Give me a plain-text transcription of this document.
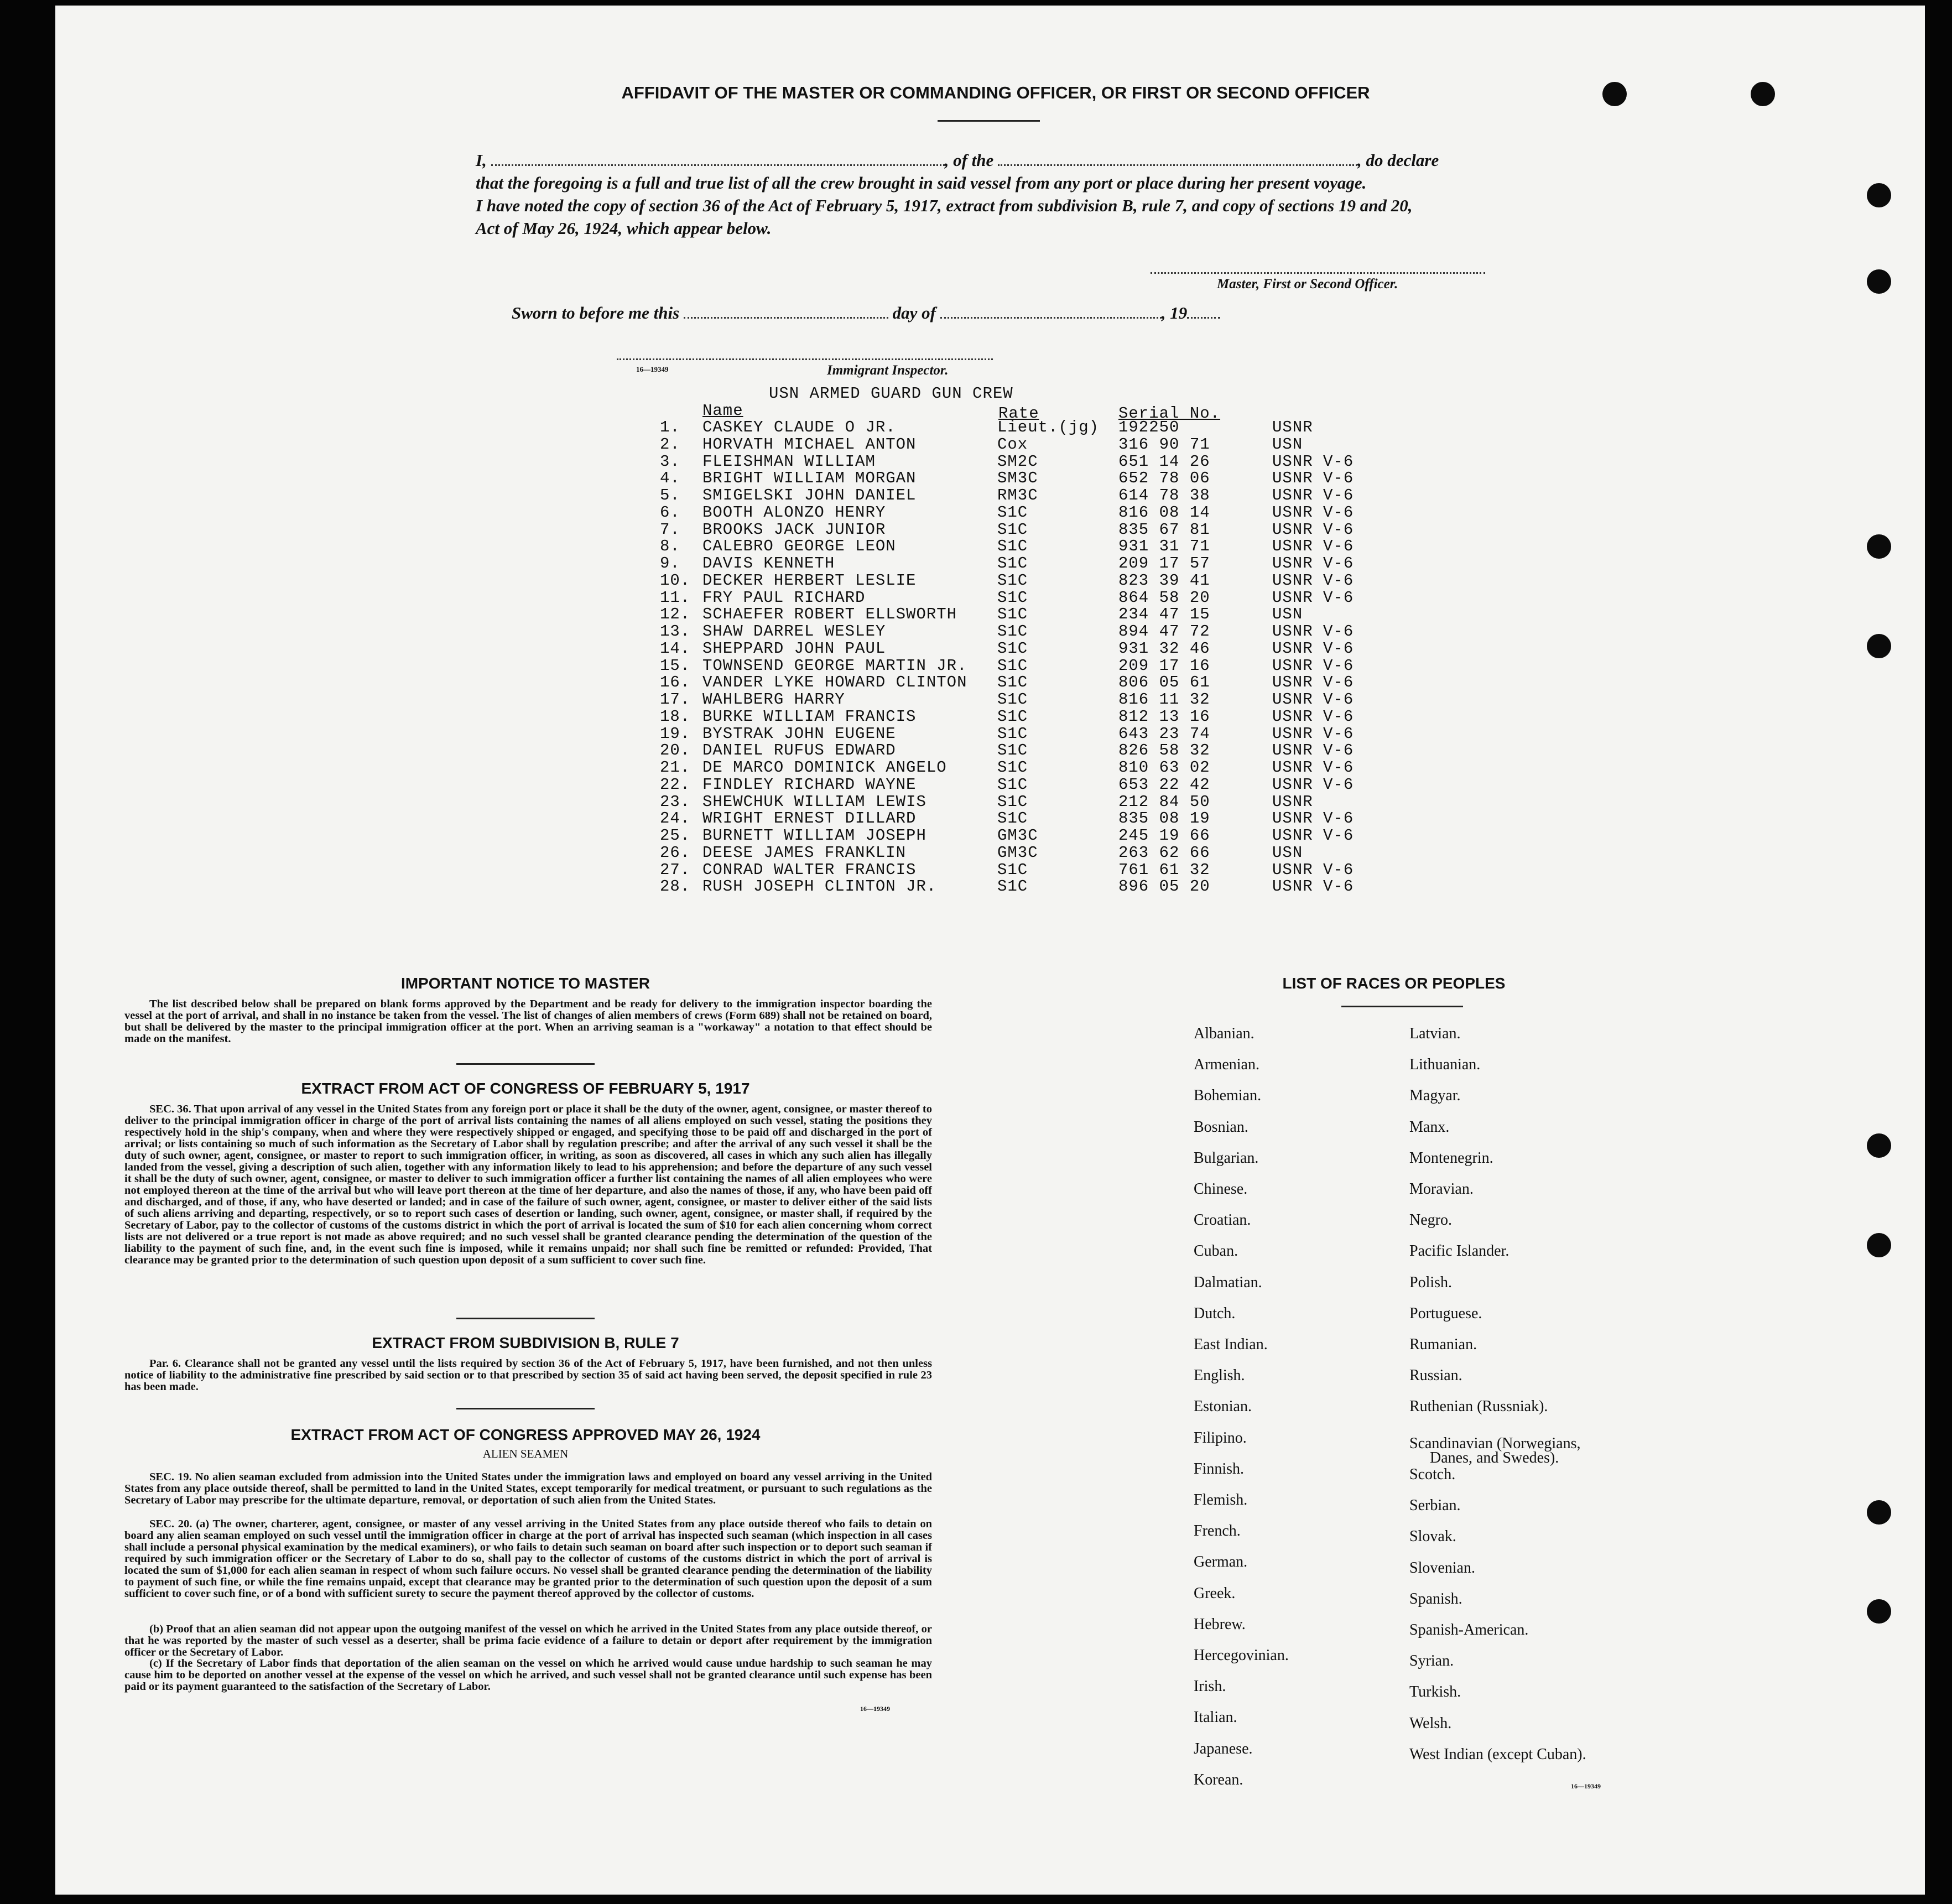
AFFIDAVIT OF THE MASTER OR COMMANDING OFFICER, OR FIRST OR SECOND OFFICER
I,	, of the	, do declare
that the foregoing is a full and true list of all the crew brought in said vessel from any port or place during her present voyage.
I have noted the copy of section 36 of the Act of February 5, 1917, extract from subdivision B, rule 7, and copy of sections 19 and 20,
Act of May 26, 1924, which appear below.
Master, First or Second Officer.
Sworn to before me this	day of	, 19
16—19349	Immigrant Inspector.
USN ARMED GUARD GUN CREW
Name	Rate	Serial No.
1. CASKEY CLAUDE O JR.	Lieut.(jg) 192250	USNR
2. HORVATH MICHAEL ANTON	Cox	316 90 71	USN
3. FLEISHMAN WILLIAM	SM2C	651 14 26	USNR V-6
4. BRIGHT WILLIAM MORGAN	SM3C	652 78 06	USNR V-6
5. SMIGELSKI JOHN DANIEL	RM3C	614 78 38	USNR V-6
6. BOOTH ALONZO HENRY	S1C	816 08 14	USNR V-6
7. BROOKS JACK JUNIOR	S1C	835 67 81	USNR V-6
8. CALEBRO GEORGE LEON	S1C	931 31 71	USNR V-6
9. DAVIS KENNETH	S1C	209 17 57	USNR V-6
10. DECKER HERBERT LESLIE	S1C	823 39 41	USNR V-6
11. FRY PAUL RICHARD	S1C	864 58 20	USNR V-6
12. SCHAEFER ROBERT ELLSWORTH	S1C	234 47 15	USN
13. SHAW DARREL WESLEY	S1C	894 47 72	USNR V-6
14. SHEPPARD JOHN PAUL	S1C	931 32 46	USNR V-6
15. TOWNSEND GEORGE MARTIN JR. S1C	209 17 16	USNR V-6
16. VANDER LYKE HOWARD CLINTON S1C	806 05 61	USNR V-6
17. WAHLBERG HARRY	S1C	816 11 32	USNR V-6
18. BURKE WILLIAM FRANCIS	S1C	812 13 16	USNR V-6
19. BYSTRAK JOHN EUGENE	S1C	643 23 74	USNR V-6
20. DANIEL RUFUS EDWARD	S1C	826 58 32	USNR V-6
21. DE MARCO DOMINICK ANGELO	S1C	810 63 02	USNR V-6
22. FINDLEY RICHARD WAYNE	S1C	653 22 42	USNR V-6
23. SHEWCHUK WILLIAM LEWIS	S1C	212 84 50	USNR
24. WRIGHT ERNEST DILLARD	S1C	835 08 19	USNR V-6
25. BURNETT WILLIAM JOSEPH	GM3C	245 19 66	USNR V-6
26. DEESE JAMES FRANKLIN	GM3C	263 62 66	USN
27. CONRAD WALTER FRANCIS	S1C	761 61 32	USNR V-6
28. RUSH JOSEPH CLINTON JR.	S1C	896 05 20	USNR V-6
IMPORTANT NOTICE TO MASTER
The list described below shall be prepared on blank forms approved by the Department and be ready for delivery to the immigration inspector boarding the vessel at the port of arrival, and shall in no instance be taken from the vessel. The list of changes of alien members of crews (Form 689) shall not be retained on board, but shall be delivered by the master to the principal immigration officer at the port. When an arriving seaman is a "workaway" a notation to that effect should be made on the manifest.
EXTRACT FROM ACT OF CONGRESS OF FEBRUARY 5, 1917
SEC. 36. That upon arrival of any vessel in the United States from any foreign port or place it shall be the duty of the owner, agent, consignee, or master thereof to deliver to the principal immigration officer in charge of the port of arrival lists containing the names of all aliens employed on such vessel, stating the positions they respectively hold in the ship's company, when and where they were respectively shipped or engaged, and specifying those to be paid off and discharged in the port of arrival; or lists containing so much of such information as the Secretary of Labor shall by regulation prescribe; and after the arrival of any such vessel it shall be the duty of such owner, agent, consignee, or master to report to such immigration officer, in writing, as soon as discovered, all cases in which any such alien has illegally landed from the vessel, giving a description of such alien, together with any information likely to lead to his apprehension; and before the departure of any such vessel it shall be the duty of such owner, agent, consignee, or master to deliver to such immigration officer a further list containing the names of all alien employees who were not employed thereon at the time of the arrival but who will leave port thereon at the time of her departure, and also the names of those, if any, who have been paid off and discharged, and of those, if any, who have deserted or landed; and in case of the failure of such owner, agent, consignee, or master to deliver either of the said lists of such aliens arriving and departing, respectively, or so to report such cases of desertion or landing, such owner, agent, consignee, or master shall, if required by the Secretary of Labor, pay to the collector of customs of the customs district in which the port of arrival is located the sum of $10 for each alien concerning whom correct lists are not delivered or a true report is not made as above required; and no such vessel shall be granted clearance pending the determination of the question of the liability to the payment of such fine, and, in the event such fine is imposed, while it remains unpaid; nor shall such fine be remitted or refunded: Provided, That clearance may be granted prior to the determination of such question upon deposit of a sum sufficient to cover such fine.
EXTRACT FROM SUBDIVISION B, RULE 7
Par. 6. Clearance shall not be granted any vessel until the lists required by section 36 of the Act of February 5, 1917, have been furnished, and not then unless notice of liability to the administrative fine prescribed by said section or to that prescribed by section 35 of said act having been served, the deposit specified in rule 23 has been made.
EXTRACT FROM ACT OF CONGRESS APPROVED MAY 26, 1924
ALIEN SEAMEN
SEC. 19. No alien seaman excluded from admission into the United States under the immigration laws and employed on board any vessel arriving in the United States from any place outside thereof, shall be permitted to land in the United States, except temporarily for medical treatment, or pursuant to such regulations as the Secretary of Labor may prescribe for the ultimate departure, removal, or deportation of such alien from the United States.
SEC. 20. (a) The owner, charterer, agent, consignee, or master of any vessel arriving in the United States from any place outside thereof who fails to detain on board any alien seaman employed on such vessel until the immigration officer in charge at the port of arrival has inspected such seaman (which inspection in all cases shall include a personal physical examination by the medical examiners), or who fails to detain such seaman on board after such inspection or to deport such seaman if required by such immigration officer or the Secretary of Labor to do so, shall pay to the collector of customs of the customs district in which the port of arrival is located the sum of $1,000 for each alien seaman in respect of whom such failure occurs. No vessel shall be granted clearance pending the determination of the liability to payment of such fine, or while the fine remains unpaid, except that clearance may be granted prior to the determination of such question upon the deposit of a sum sufficient to cover such fine, or of a bond with sufficient surety to secure the payment thereof approved by the collector of customs.
(b) Proof that an alien seaman did not appear upon the outgoing manifest of the vessel on which he arrived in the United States from any place outside thereof, or that he was reported by the master of such vessel as a deserter, shall be prima facie evidence of a failure to detain or deport after requirement by the immigration officer or the Secretary of Labor.
(c) If the Secretary of Labor finds that deportation of the alien seaman on the vessel on which he arrived would cause undue hardship to such seaman he may cause him to be deported on another vessel at the expense of the vessel on which he arrived, and such vessel shall not be granted clearance until such expense has been paid or its payment guaranteed to the satisfaction of the Secretary of Labor.
16—19349
LIST OF RACES OR PEOPLES
Albanian.
Armenian.
Bohemian.
Bosnian.
Bulgarian.
Chinese.
Croatian.
Cuban.
Dalmatian.
Dutch.
East Indian.
English.
Estonian.
Filipino.
Finnish.
Flemish.
French.
German.
Greek.
Hebrew.
Hercegovinian.
Irish.
Italian.
Japanese.
Korean.
Latvian.
Lithuanian.
Magyar.
Manx.
Montenegrin.
Moravian.
Negro.
Pacific Islander.
Polish.
Portuguese.
Rumanian.
Russian.
Ruthenian (Russniak).
Scandinavian (Norwegians,
Scotch.
Serbian.
Slovak.
Slovenian.
Spanish.
Spanish-American.
Syrian.
Turkish.
Welsh.
West Indian (except Cuban).
Danes, and Swedes).
16—19349
